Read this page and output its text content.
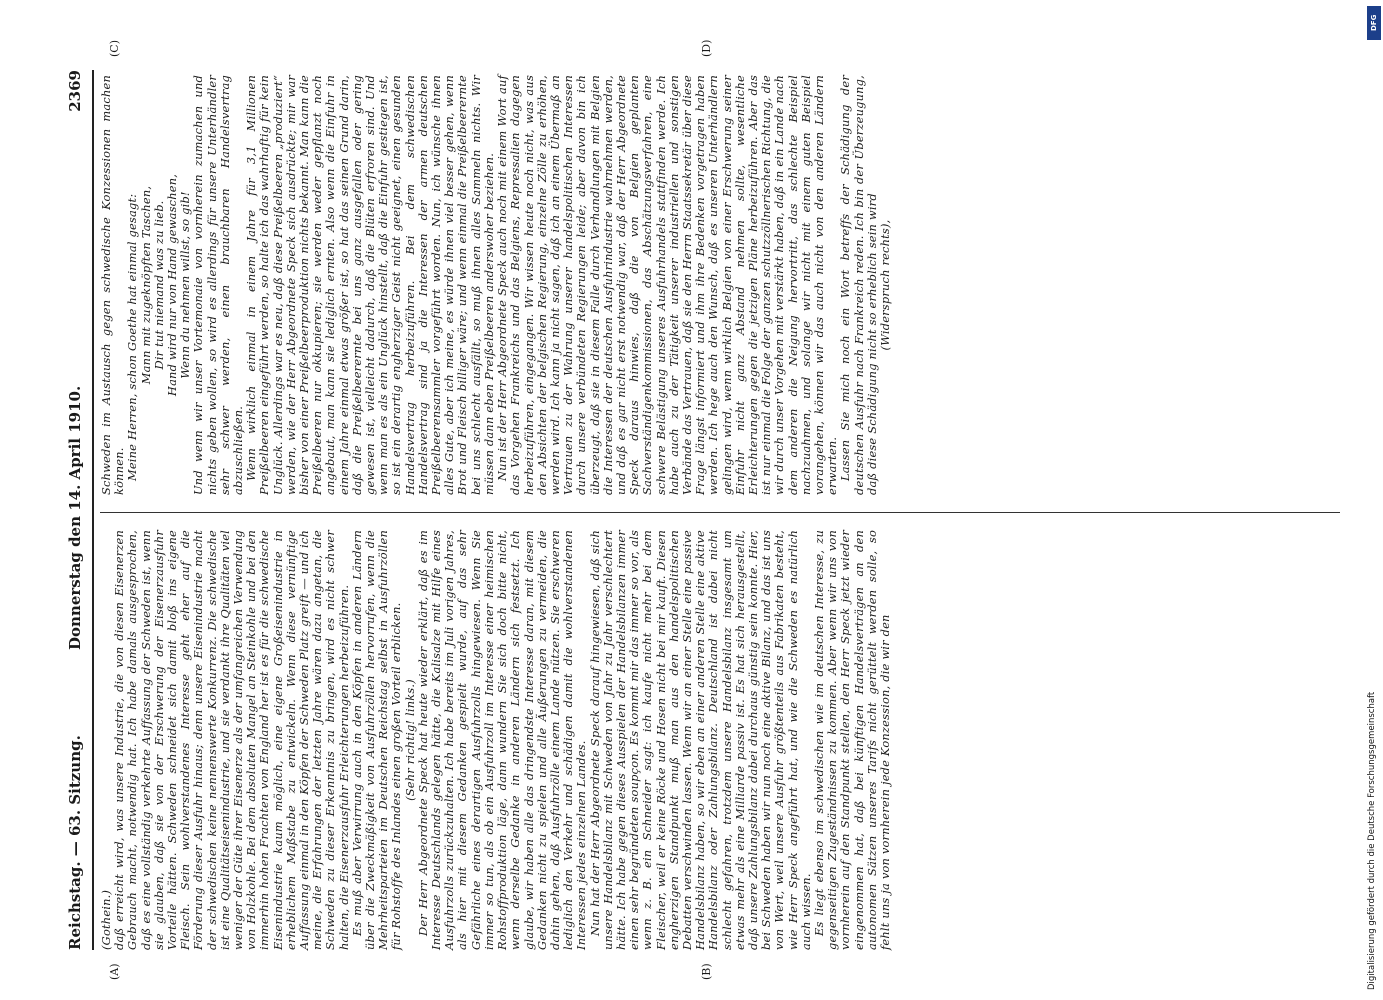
Reichstag. — 63. Sitzung.
Donnerstag den 14. April 1910.
2369

(Gothein.) daß erreicht wird, was unsere Industrie, die von diesen Eisenerzen Gebrauch macht, notwendig hat. Ich habe damals ausgesprochen, daß es eine vollständig verkehrte Auffassung der Schweden ist, wenn sie glauben, daß sie von der Erschwerung der Eisenerzausfuhr Vorteile hätten. Schweden schneidet sich damit bloß ins eigene Fleisch. Sein wohlverstandenes Interesse geht eher auf die Förderung dieser Ausfuhr hinaus; denn unsere Eisenindustrie macht der schwedischen keine nennenswerte Konkurrenz. Die schwedische ist eine Qualitätseisenindustrie, und sie verdankt ihre Qualitäten viel weniger der Güte ihrer Eisenerze als der umfangreichen Verwendung von Holzkohle. Bei dem absoluten Mangel an Steinkohle und bei den immerhin hohen Frachten von England her ist es für die schwedische Eisenindustrie kaum möglich, eine eigene Großeisenindustrie in erheblichem Maßstabe zu entwickeln. Wenn diese vernünftige Auffassung einmal in den Köpfen der Schweden Platz greift — und ich meine, die Erfahrungen der letzten Jahre wären dazu angetan, die Schweden zu dieser Erkenntnis zu bringen, wird es nicht schwer halten, die Eisenerzausfuhr Erleichterungen herbeizuführen. Es muß aber Verwirrung auch in den Köpfen in anderen Ländern über die Zweckmäßigkeit von Ausfuhrzöllen hervorrufen, wenn die Mehrheitsparteien im Deutschen Reichstag selbst in Ausfuhrzöllen für Rohstoffe des Inlandes einen großen Vorteil erblicken. (Sehr richtig! links.) Der Herr Abgeordnete Speck hat heute wieder erklärt, daß es im Interesse Deutschlands gelegen hätte, die Kalisalze mit Hilfe eines Ausfuhrzolls zurückzuhalten. Ich habe bereits im Juli vorigen Jahres, als hier mit diesem Gedanken gespielt wurde, auf das sehr Gefährliche eines derartigen Ausfuhrzolls hingewiesen. Wenn Sie immer so tun, als ob ein Ausfuhrzoll im Interesse einer heimischen Rohstoffproduktion läge, dann wundern Sie sich doch bitte nicht, wenn derselbe Gedanke in anderen Ländern sich festsetzt. Ich glaube, wir haben alle das dringendste Interesse daran, mit diesem Gedanken nicht zu spielen und alle Äußerungen zu vermeiden, die dahin gehen, daß Ausfuhrzölle einem Lande nützen. Sie erschweren lediglich den Verkehr und schädigen damit die wohlverstandenen Interessen jedes einzelnen Landes. Nun hat der Herr Abgeordnete Speck darauf hingewiesen, daß sich unsere Handelsbilanz mit Schweden von Jahr zu Jahr verschlechtert hätte. Ich habe gegen dieses Ausspielen der Handelsbilanzen immer einen sehr begründeten soupçon. Es kommt mir das immer so vor, als wenn z. B. ein Schneider sagt: ich kaufe nicht mehr bei dem Fleischer, weil er keine Röcke und Hosen nicht bei mir kauft. Diesen engherzigen Standpunkt muß man aus den handelspolitischen Debatten verschwinden lassen. Wenn wir an einer Stelle eine passive Handelsbilanz haben, so wir eben an einer anderen Stelle eine aktive Handelsbilanz oder Zahlungsbilanz. Deutschland ist dabei nicht schlecht gefahren, trotzdem unsere Handelsbilanz insgesamt um etwas mehr als eine Milliarde passiv ist. Es hat sich herausgestellt, daß unsere Zahlungsbilanz dabei durchaus günstig sein konnte. Hier, bei Schweden haben wir nun noch eine aktive Bilanz, und das ist uns von Wert, weil unsere Ausfuhr größtenteils aus Fabrikaten besteht, wie Herr Speck angeführt hat, und wie die Schweden es natürlich auch wissen. Es liegt ebenso im schwedischen wie im deutschen Interesse, zu gegenseitigen Zugeständnissen zu kommen. Aber wenn wir uns von vornherein auf den Standpunkt stellen, den Herr Speck jetzt wieder eingenommen hat, daß bei künftigen Handelsverträgen an den autonomen Sätzen unseres Tarifs nicht gerüttelt werden solle, so fehlt uns ja von vornherein jede Konzession, die wir den

Schweden im Austausch gegen schwedische Konzessionen machen können. Meine Herren, schon Goethe hat einmal gesagt: Mann mit zugeknöpften Taschen, Dir tut niemand was zu lieb. Hand wird nur von Hand gewaschen, Wenn du nehmen willst, so gib! Und wenn wir unser Vortemonaie von vornherein zumachen und nichts geben wollen, so wird es allerdings für unsere Unterhändler sehr schwer werden, einen brauchbaren Handelsvertrag abzuschließen. Wenn wirklich einmal in einem Jahre für 3,1 Millionen Preißelbeeren eingeführt werden, so halte ich das wahrhaftig für kein Unglück. Allerdings war es neu, daß diese Preißelbeeren „produziert“ werden, wie der Herr Abgeordnete Speck sich ausdrückte; mir war bisher von einer Preißelbeerproduktion nichts bekannt. Man kann die Preißelbeeren nur okkupieren; sie werden weder gepflanzt noch angebaut, man kann sie lediglich ernten. Also wenn die Einfuhr in einem Jahre einmal etwas größer ist, so hat das seinen Grund darin, daß die Preißelbeerernte bei uns ganz ausgefallen oder gering gewesen ist, vielleicht dadurch, daß die Blüten erfroren sind. Und wenn man es als ein Unglück hinstellt, daß die Einfuhr gestiegen ist, so ist ein derartig engherziger Geist nicht geeignet, einen gesunden Handelsvertrag herbeizuführen. Bei dem schwedischen Handelsvertrag sind ja die Interessen der armen deutschen Preißelbeerensammler vorgeführt worden. Nun, ich wünsche ihnen alles Gute, aber ich meine, es würde ihnen viel besser gehen, wenn Brot und Fleisch billiger wäre; und wenn einmal die Preißelbeerernte bei uns schlecht ausfällt, so muß ihnen alles Sammeln nichts. Wir müssen dann eben Preißelbeeren anderswoher beziehen. Nun ist der Herr Abgeordnete Speck auch noch mit einem Wort auf das Vorgehen Frankreichs und das Belgiens, Repressalien dagegen herbeizuführen, eingegangen. Wir wissen heute noch nicht, was aus den Absichten der belgischen Regierung, einzelne Zölle zu erhöhen, werden wird. Ich kann ja nicht sagen, daß ich an einem Übermaß an Vertrauen zu der Wahrung unserer handelspolitischen Interessen durch unsere verbündeten Regierungen leide; aber davon bin ich überzeugt, daß sie in diesem Falle durch Verhandlungen mit Belgien die Interessen der deutschen Ausfuhrindustrie wahrnehmen werden, und daß es gar nicht erst notwendig war, daß der Herr Abgeordnete Speck daraus hinwies, daß die von Belgien geplanten Sachverständigenkommissionen, das Abschätzungsverfahren, eine schwere Belästigung unseres Ausfuhrhandels stattfinden werde. Ich habe auch zu der Tätigkeit unserer industriellen und sonstigen Verbände das Vertrauen, daß sie den Herrn Staatssekretär über diese Frage längst informiert und ihm ihre Bedenken vorgetragen haben werden. Ich hege auch den Wunsch, daß es unseren Unterhändlern gelingen wird, wenn wirklich Belgien von einer Erschwerung seiner Einfuhr nicht ganz Abstand nehmen sollte, wesentliche Erleichterungen gegen die jetzigen Pläne herbeizuführen. Aber das ist nur einmal die Folge der ganzen schutzzöllnerischen Richtung, die wir durch unser Vorgehen mit verstärkt haben, daß in ein Lande nach dem anderen die Neigung hervortritt, das schlechte Beispiel nachzuahmen, und solange wir nicht mit einem guten Beispiel vorangehen, können wir das auch nicht von den anderen Ländern erwarten. Lassen Sie mich noch ein Wort betreffs der Schädigung der deutschen Ausfuhr nach Frankreich reden. Ich bin der Überzeugung, daß diese Schädigung nicht so erheblich sein wird (Widerspruch rechts),

(A)	(B)
(C)	(D)
Digitalisierung gefördert durch die Deutsche Forschungsgemeinschaft
DFG
